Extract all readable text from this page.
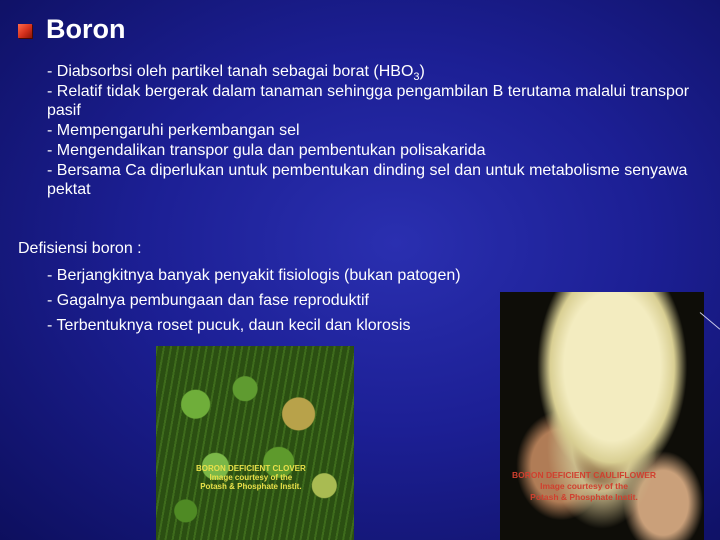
Boron
- Diabsorbsi oleh partikel tanah sebagai borat $(HBO_3)$
- Relatif tidak bergerak dalam tanaman sehingga pengambilan B terutama malalui transpor pasif
- Mempengaruhi perkembangan sel
- Mengendalikan transpor gula dan pembentukan polisakarida
- Bersama Ca diperlukan untuk pembentukan dinding sel dan untuk metabolisme senyawa pektat
Defisiensi boron :
- Berjangkitnya banyak penyakit fisiologis (bukan patogen)
- Gagalnya pembungaan dan fase reproduktif
- Terbentuknya roset pucuk, daun kecil dan klorosis
BORON DEFICIENT CLOVER
Image courtesy of the
Potash & Phosphate Instit.
BORON DEFICIENT CAULIFLOWER
Image courtesy of the
Potash & Phosphate Instit.
